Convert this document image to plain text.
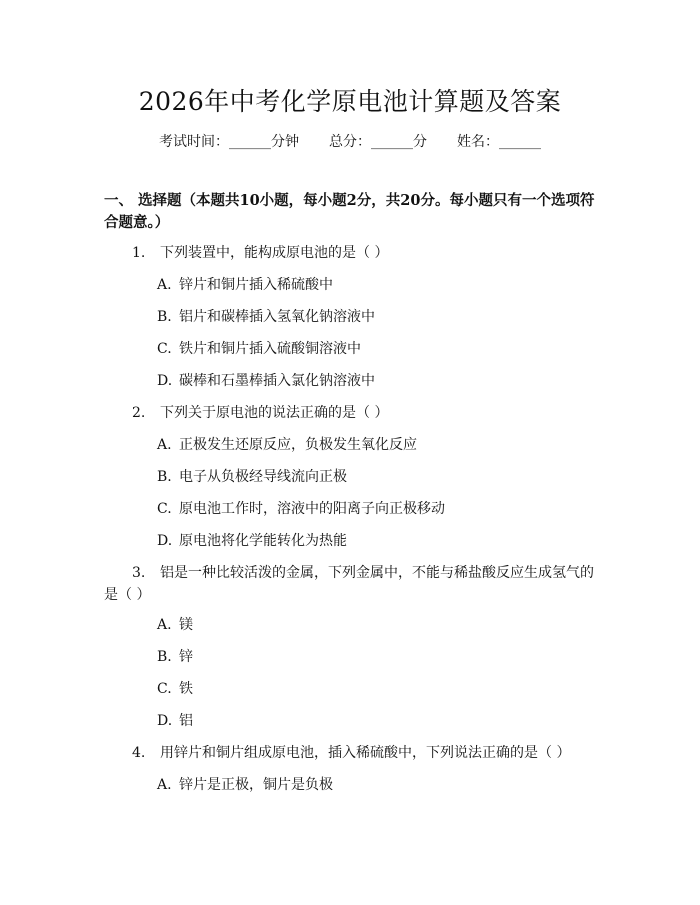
2026年中考化学原电池计算题及答案
考试时间：______分钟 总分：______分 姓名：______
一、 选择题（本题共10小题，每小题2分，共20分。每小题只有一个选项符合题意。）
1. 下列装置中，能构成原电池的是（ ）
A. 锌片和铜片插入稀硫酸中
B. 铝片和碳棒插入氢氧化钠溶液中
C. 铁片和铜片插入硫酸铜溶液中
D. 碳棒和石墨棒插入氯化钠溶液中
2. 下列关于原电池的说法正确的是（ ）
A. 正极发生还原反应，负极发生氧化反应
B. 电子从负极经导线流向正极
C. 原电池工作时，溶液中的阳离子向正极移动
D. 原电池将化学能转化为热能
3. 铝是一种比较活泼的金属，下列金属中，不能与稀盐酸反应生成氢气的是（ ）
A. 镁
B. 锌
C. 铁
D. 铝
4. 用锌片和铜片组成原电池，插入稀硫酸中，下列说法正确的是（ ）
A. 锌片是正极，铜片是负极
